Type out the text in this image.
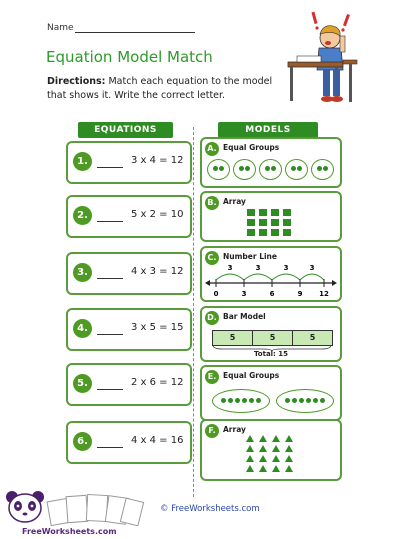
Name
Equation Model Match
Directions: Match each equation to the model that shows it. Write the correct letter.
EQUATIONS	MODELS
1.	3 x 4 = 12
2.	5 x 2 = 10
3.	4 x 3 = 12
4.	3 x 5 = 15
5.	2 x 6 = 12
6.	4 x 4 = 16
A. Equal Groups
B. Array
C. Number Line
0
3
3
3
6
3
9
3
12
D. Bar Model
5	5	5
Total: 15
E. Equal Groups
F. Array
FreeWorksheets.com
© FreeWorksheets.com
